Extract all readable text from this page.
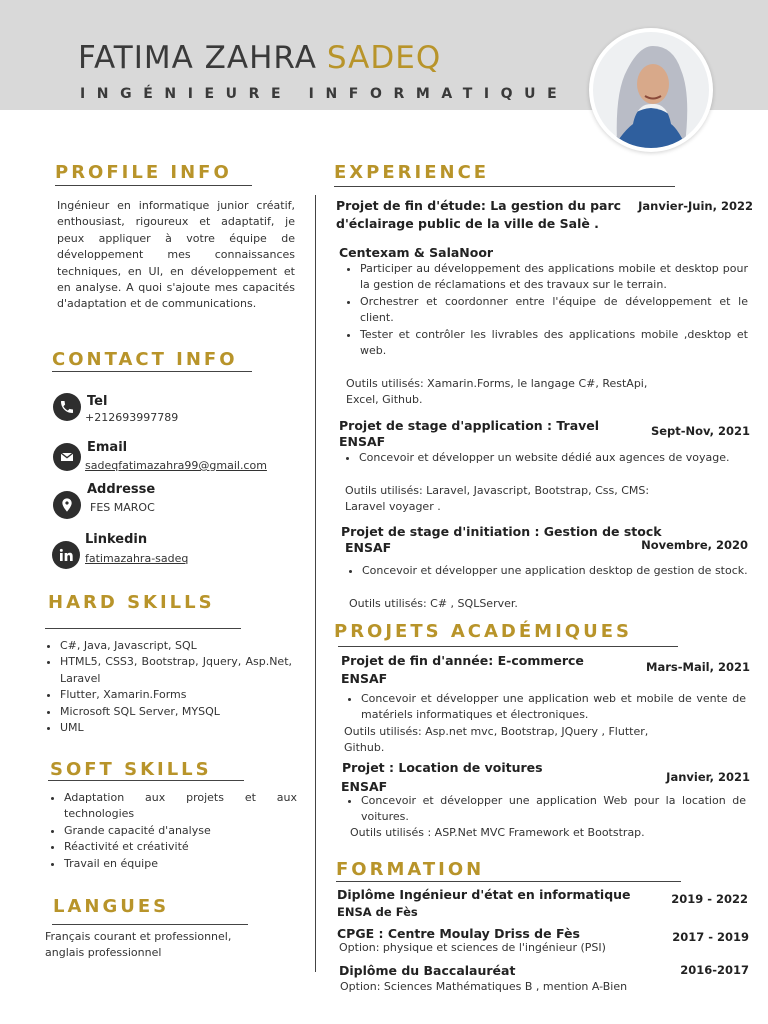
FATIMA ZAHRA SADEQ
INGÉNIEURE INFORMATIQUE
PROFILE INFO
Ingénieur en informatique junior créatif, enthousiast, rigoureux et adaptatif, je peux appliquer à votre équipe de développement mes connaissances techniques, en UI, en développement et en analyse. A quoi s'ajoute mes capacités d'adaptation et de communications.
CONTACT INFO
Tel
+212693997789
Email
sadeqfatimazahra99@gmail.com
Addresse
FES MAROC
Linkedin
fatimazahra-sadeq
HARD SKILLS
• C#, Java, Javascript, SQL
• HTML5, CSS3, Bootstrap, Jquery, Asp.Net, Laravel
• Flutter, Xamarin.Forms
• Microsoft SQL Server, MYSQL
• UML
SOFT SKILLS
• Adaptation aux projets et aux technologies
• Grande capacité d'analyse
• Réactivité et créativité
• Travail en équipe
LANGUES
Français courant et professionnel, anglais professionnel
EXPERIENCE
Projet de fin d'étude: La gestion du parc d'éclairage public de la ville de Salè .
Janvier-Juin, 2022
Centexam & SalaNoor
• Participer au développement des applications mobile et desktop pour la gestion de réclamations et des travaux sur le terrain.
• Orchestrer et coordonner entre l'équipe de développement et le client.
• Tester et contrôler les livrables des applications mobile ,desktop et web.
Outils utilisés: Xamarin.Forms, le langage C#, RestApi, Excel, Github.
Projet de stage d'application : Travel
ENSAF
Sept-Nov, 2021
• Concevoir et développer un website dédié aux agences de voyage.
Outils utilisés: Laravel, Javascript, Bootstrap, Css, CMS: Laravel voyager .
Projet de stage d'initiation : Gestion de stock
ENSAF	Novembre, 2020
• Concevoir et développer une application desktop de gestion de stock.
Outils utilisés: C# , SQLServer.
PROJETS ACADÉMIQUES
Projet de fin d'année: E-commerce
ENSAF
Mars-Mail, 2021
• Concevoir et développer une application web et mobile de vente de matériels informatiques et électroniques.
Outils utilisés: Asp.net mvc, Bootstrap, JQuery , Flutter, Github.
Projet : Location de voitures
ENSAF
Janvier, 2021
• Concevoir et développer une application Web pour la location de voitures.
Outils utilisés : ASP.Net MVC Framework et Bootstrap.
FORMATION
Diplôme Ingénieur d'état en informatique
ENSA de Fès
2019 - 2022
CPGE : Centre Moulay Driss de Fès
Option: physique et sciences de l'ingénieur (PSI)
2017 - 2019
Diplôme du Baccalauréat
Option: Sciences Mathématiques B , mention A-Bien
2016-2017
